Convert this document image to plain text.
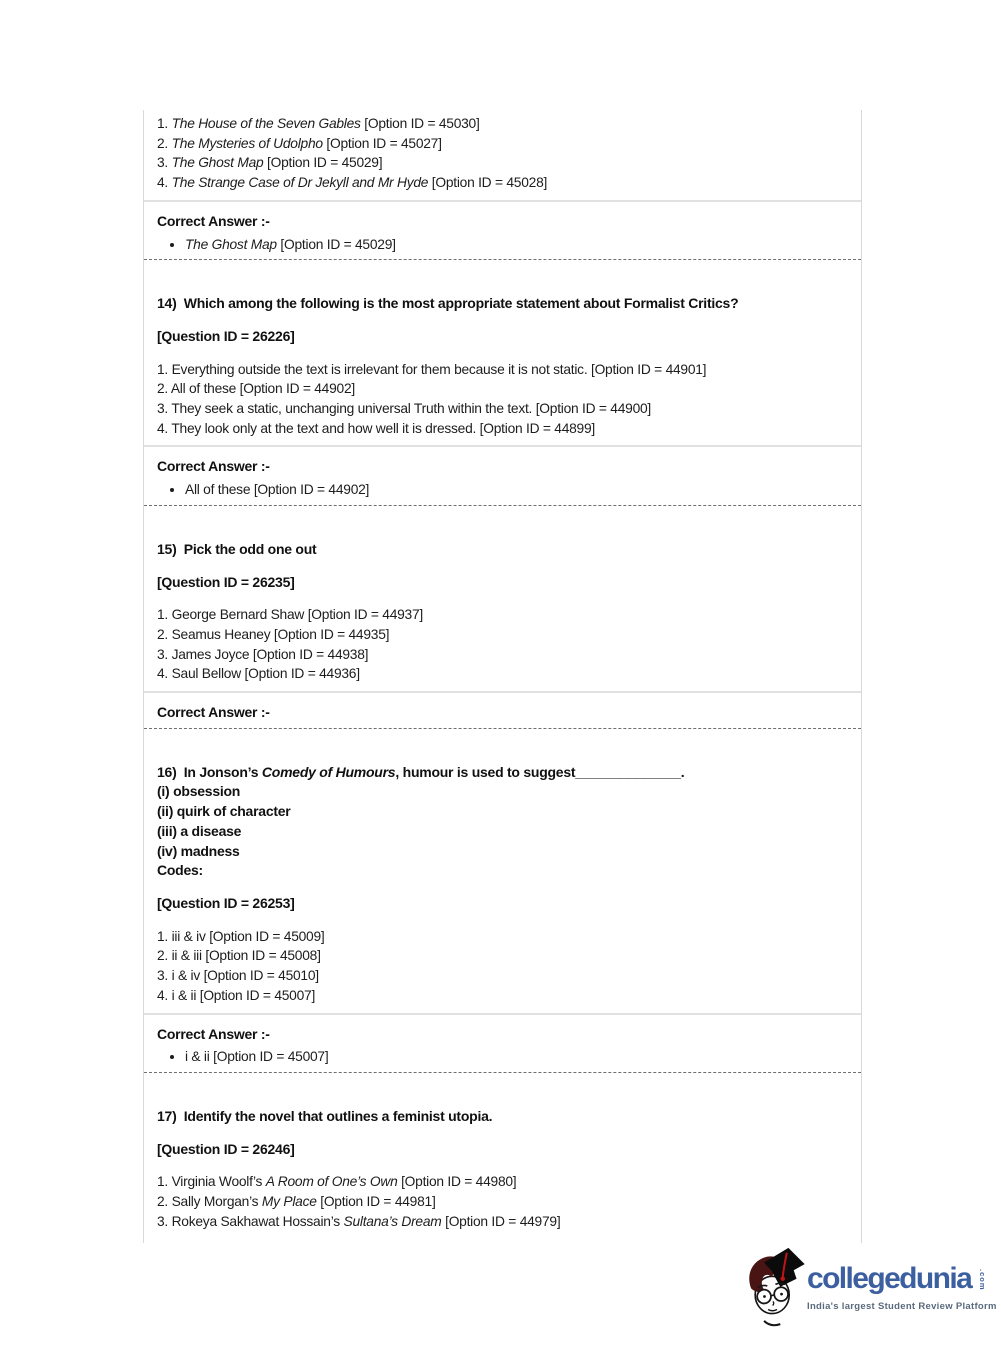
1. The House of the Seven Gables [Option ID = 45030]
2. The Mysteries of Udolpho [Option ID = 45027]
3. The Ghost Map [Option ID = 45029]
4. The Strange Case of Dr Jekyll and Mr Hyde [Option ID = 45028]
Correct Answer :-
• The Ghost Map [Option ID = 45029]
14)  Which among the following is the most appropriate statement about Formalist Critics?
[Question ID = 26226]
1. Everything outside the text is irrelevant for them because it is not static. [Option ID = 44901]
2. All of these [Option ID = 44902]
3. They seek a static, unchanging universal Truth within the text. [Option ID = 44900]
4. They look only at the text and how well it is dressed. [Option ID = 44899]
Correct Answer :-
• All of these [Option ID = 44902]
15)  Pick the odd one out
[Question ID = 26235]
1. George Bernard Shaw [Option ID = 44937]
2. Seamus Heaney [Option ID = 44935]
3. James Joyce [Option ID = 44938]
4. Saul Bellow [Option ID = 44936]
Correct Answer :-
16)  In Jonson’s Comedy of Humours, humour is used to suggest______________.
(i) obsession
(ii) quirk of character
(iii) a disease
(iv) madness
Codes:
[Question ID = 26253]
1. iii & iv [Option ID = 45009]
2. ii & iii [Option ID = 45008]
3. i & iv [Option ID = 45010]
4. i & ii [Option ID = 45007]
Correct Answer :-
• i & ii [Option ID = 45007]
17)  Identify the novel that outlines a feminist utopia.
[Question ID = 26246]
1. Virginia Woolf’s A Room of One’s Own [Option ID = 44980]
2. Sally Morgan’s My Place [Option ID = 44981]
3. Rokeya Sakhawat Hossain’s Sultana’s Dream [Option ID = 44979]
collegedunia .com
India's largest Student Review Platform
